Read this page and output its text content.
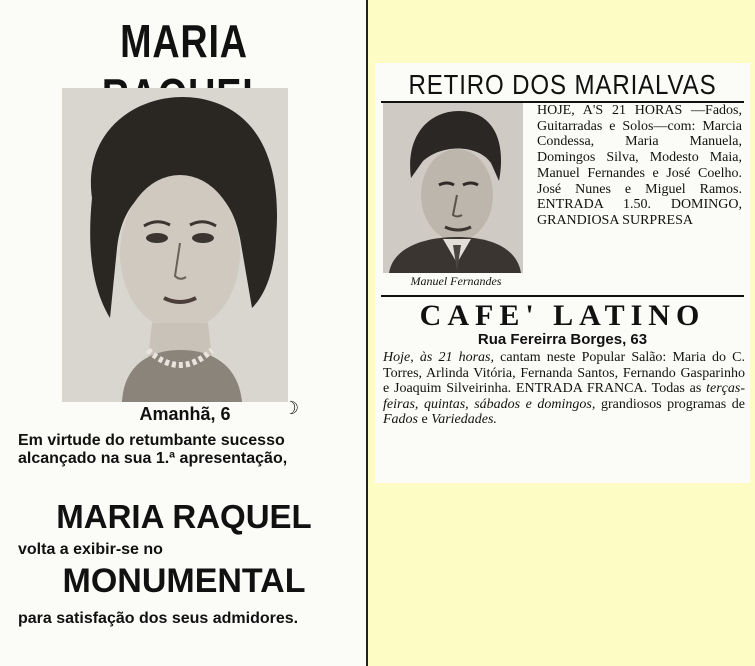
MARIA
Amanhã, 6	☽
Em virtude do retumbante sucesso alcançado na sua 1.ª apresentação,
MARIA RAQUEL
volta a exibir-se no
MONUMENTAL
para satisfação dos seus admidores.
RETIRO DOS MARIALVAS
Manuel Fernandes
HOJE, A'S 21 HORAS —Fados, Guitarradas e Solos—com: Marcia Condessa, Maria Manuela, Domingos Silva, Modesto Maia, Manuel Fernandes e José Coelho. José Nunes e Miguel Ramos. ENTRADA 1.50. DOMINGO, GRANDIOSA SURPRESA
CAFE' LATINO
Rua Fereirra Borges, 63
Hoje, às 21 horas, cantam neste Popular Salão: Maria do C. Torres, Arlinda Vitória, Fernanda Santos, Fernando Gasparinho e Joaquim Silveirinha. ENTRADA FRANCA. Todas as terças-feiras, quintas, sábados e domingos, grandiosos programas de Fados e Variedades.
